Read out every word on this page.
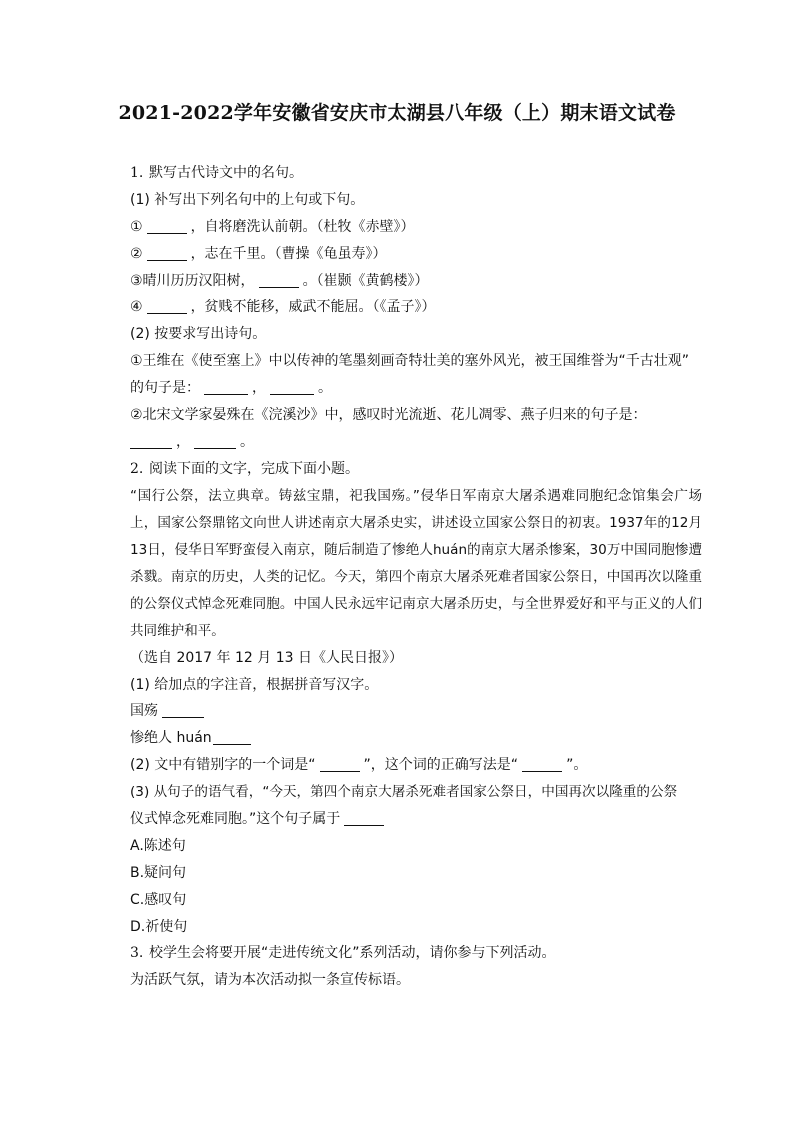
2021-2022学年安徽省安庆市太湖县八年级（上）期末语文试卷
1. 默写古代诗文中的名句。
(1) 补写出下列名句中的上句或下句。
①	，自将磨洗认前朝。（杜牧《赤壁》）
②	，志在千里。（曹操《龟虽寿》）
③晴川历历汉阳树，	。（崔颢《黄鹤楼》）
④	，贫贱不能移，威武不能屈。（《孟子》）
(2) 按要求写出诗句。
①王维在《使至塞上》中以传神的笔墨刻画奇特壮美的塞外风光，被王国维誉为“千古壮观”
的句子是：	，	。
②北宋文学家晏殊在《浣溪沙》中，感叹时光流逝、花儿凋零、燕子归来的句子是：
，	。
2. 阅读下面的文字，完成下面小题。
“国行公祭，法立典章。铸兹宝鼎，祀我国殇。”侵华日军南京大屠杀遇难同胞纪念馆集会广场上，国家公祭鼎铭文向世人讲述南京大屠杀史实，讲述设立国家公祭日的初衷。1937年的12月13日，侵华日军野蛮侵入南京，随后制造了惨绝人huán的南京大屠杀惨案，30万中国同胞惨遭杀戮。南京的历史，人类的记忆。今天，第四个南京大屠杀死难者国家公祭日，中国再次以隆重的公祭仪式悼念死难同胞。中国人民永远牢记南京大屠杀历史，与全世界爱好和平与正义的人们共同维护和平。
（选自 2017 年 12 月 13 日《人民日报》）
(1) 给加点的字注音，根据拼音写汉字。
国殇
惨绝人 huán
(2) 文中有错别字的一个词是“	”，这个词的正确写法是“	”。
(3) 从句子的语气看，“今天，第四个南京大屠杀死难者国家公祭日，中国再次以隆重的公祭
仪式悼念死难同胞。”这个句子属于
A.陈述句
B.疑问句
C.感叹句
D.祈使句
3. 校学生会将要开展“走进传统文化”系列活动，请你参与下列活动。
为活跃气氛，请为本次活动拟一条宣传标语。
